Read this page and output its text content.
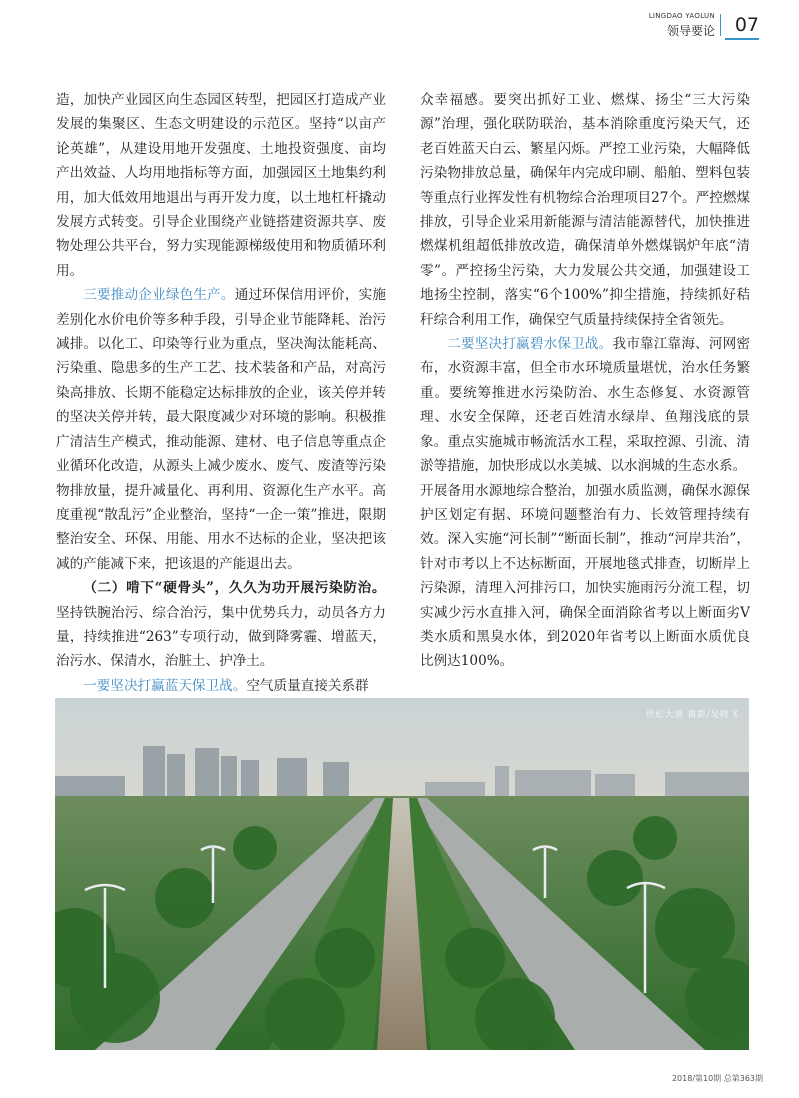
LINGDAO YAOLUN
领导要论 07

造，加快产业园区向生态园区转型，把园区打造成产业发展的集聚区、生态文明建设的示范区。坚持“以亩产论英雄”，从建设用地开发强度、土地投资强度、亩均产出效益、人均用地指标等方面，加强园区土地集约利用，加大低效用地退出与再开发力度，以土地杠杆撬动发展方式转变。引导企业围绕产业链搭建资源共享、废物处理公共平台，努力实现能源梯级使用和物质循环利用。

三要推动企业绿色生产。通过环保信用评价，实施差别化水价电价等多种手段，引导企业节能降耗、治污减排。以化工、印染等行业为重点，坚决淘汰能耗高、污染重、隐患多的生产工艺、技术装备和产品，对高污染高排放、长期不能稳定达标排放的企业，该关停并转的坚决关停并转，最大限度减少对环境的影响。积极推广清洁生产模式，推动能源、建材、电子信息等重点企业循环化改造，从源头上减少废水、废气、废渣等污染物排放量，提升减量化、再利用、资源化生产水平。高度重视“散乱污”企业整治，坚持“一企一策”推进，限期整治安全、环保、用能、用水不达标的企业，坚决把该减的产能减下来，把该退的产能退出去。

（二）啃下“硬骨头”，久久为功开展污染防治。坚持铁腕治污、综合治污，集中优势兵力，动员各方力量，持续推进“263”专项行动，做到降雾霾、增蓝天，治污水、保清水，治脏土、护净土。

一要坚决打赢蓝天保卫战。空气质量直接关系群

众幸福感。要突出抓好工业、燃煤、扬尘“三大污染源”治理，强化联防联治，基本消除重度污染天气，还老百姓蓝天白云、繁星闪烁。严控工业污染，大幅降低污染物排放总量，确保年内完成印刷、船舶、塑料包装等重点行业挥发性有机物综合治理项目27个。严控燃煤排放，引导企业采用新能源与清洁能源替代，加快推进燃煤机组超低排放改造，确保清单外燃煤锅炉年底“清零”。严控扬尘污染，大力发展公共交通，加强建设工地扬尘控制，落实“6个100%”抑尘措施，持续抓好秸秆综合利用工作，确保空气质量持续保持全省领先。

二要坚决打赢碧水保卫战。我市靠江靠海、河网密布，水资源丰富，但全市水环境质量堪忧，治水任务繁重。要统筹推进水污染防治、水生态修复、水资源管理、水安全保障，还老百姓清水绿岸、鱼翔浅底的景象。重点实施城市畅流活水工程，采取控源、引流、清淤等措施，加快形成以水美城、以水润城的生态水系。

开展备用水源地综合整治，加强水质监测，确保水源保护区划定有据、环境问题整治有力、长效管理持续有效。深入实施“河长制”“断面长制”，推动“河岸共治”，针对市考以上不达标断面，开展地毯式排查，切断岸上污染源，清理入河排污口，加快实施雨污分流工程，切实减少污水直排入河，确保全面消除省考以上断面劣Ⅴ类水质和黑臭水体，到2020年省考以上断面水质优良比例达100%。

世纪大道 摄影/吴晓飞
2018/第10期 总第363期
